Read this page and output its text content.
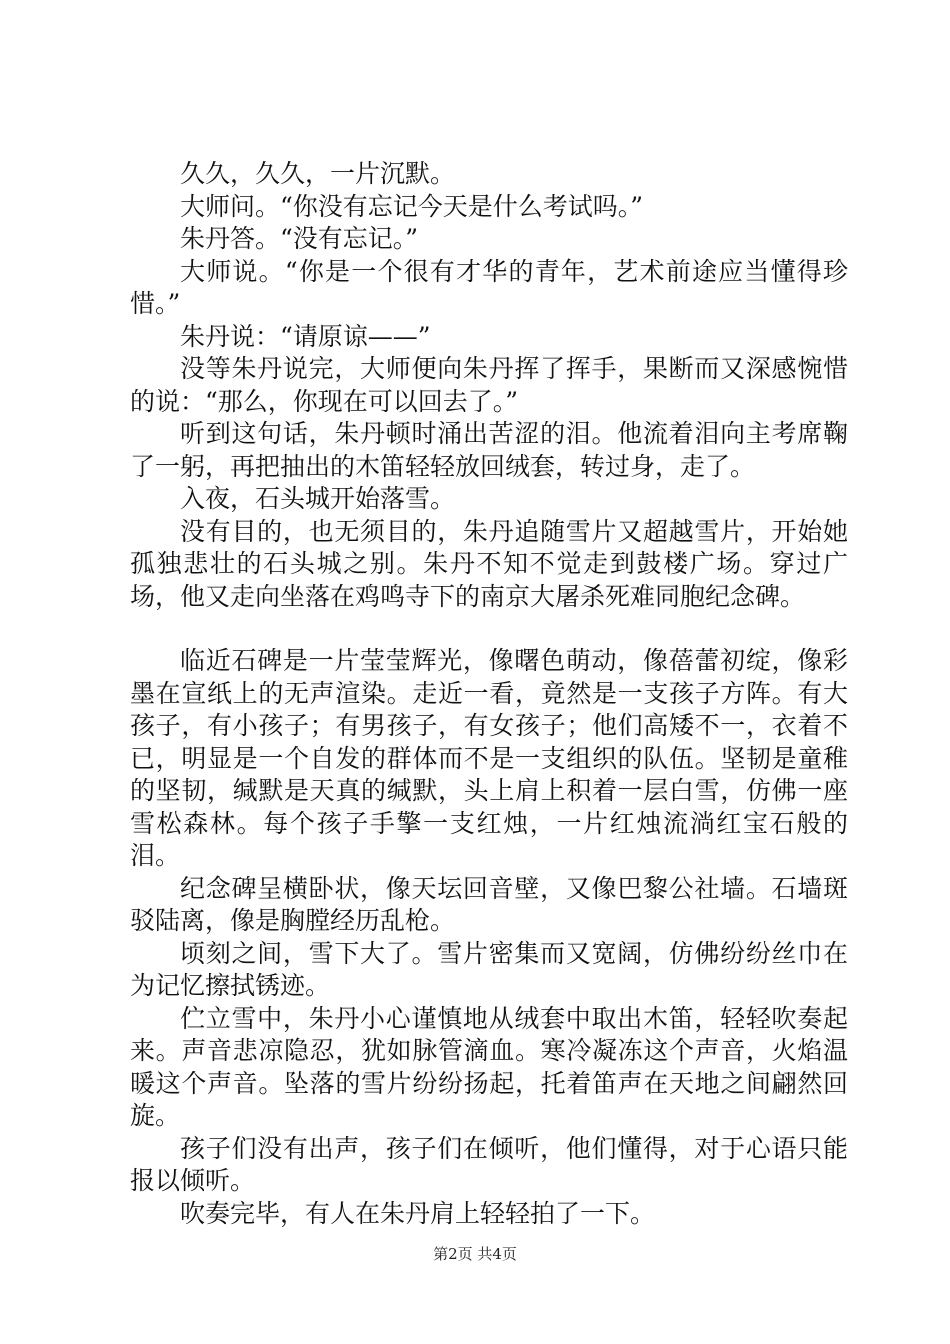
久久，久久，一片沉默。

大师问。“你没有忘记今天是什么考试吗。”

朱丹答。“没有忘记。”

大师说。“你是一个很有才华的青年，艺术前途应当懂得珍惜。”

朱丹说：“请原谅——”

没等朱丹说完，大师便向朱丹挥了挥手，果断而又深感惋惜的说：“那么，你现在可以回去了。”

听到这句话，朱丹顿时涌出苦涩的泪。他流着泪向主考席鞠了一躬，再把抽出的木笛轻轻放回绒套，转过身，走了。

入夜，石头城开始落雪。

没有目的，也无须目的，朱丹追随雪片又超越雪片，开始她孤独悲壮的石头城之别。朱丹不知不觉走到鼓楼广场。穿过广场，他又走向坐落在鸡鸣寺下的南京大屠杀死难同胞纪念碑。

临近石碑是一片莹莹辉光，像曙色萌动，像蓓蕾初绽，像彩墨在宣纸上的无声渲染。走近一看，竟然是一支孩子方阵。有大孩子，有小孩子；有男孩子，有女孩子；他们高矮不一，衣着不已，明显是一个自发的群体而不是一支组织的队伍。坚韧是童稚的坚韧，缄默是天真的缄默，头上肩上积着一层白雪，仿佛一座雪松森林。每个孩子手擎一支红烛，一片红烛流淌红宝石般的泪。

纪念碑呈横卧状，像天坛回音壁，又像巴黎公社墙。石墙斑驳陆离，像是胸膛经历乱枪。

顷刻之间，雪下大了。雪片密集而又宽阔，仿佛纷纷丝巾在为记忆擦拭锈迹。

伫立雪中，朱丹小心谨慎地从绒套中取出木笛，轻轻吹奏起来。声音悲凉隐忍，犹如脉管滴血。寒冷凝冻这个声音，火焰温暖这个声音。坠落的雪片纷纷扬起，托着笛声在天地之间翩然回旋。

孩子们没有出声，孩子们在倾听，他们懂得，对于心语只能报以倾听。

吹奏完毕，有人在朱丹肩上轻轻拍了一下。

第2页 共4页
